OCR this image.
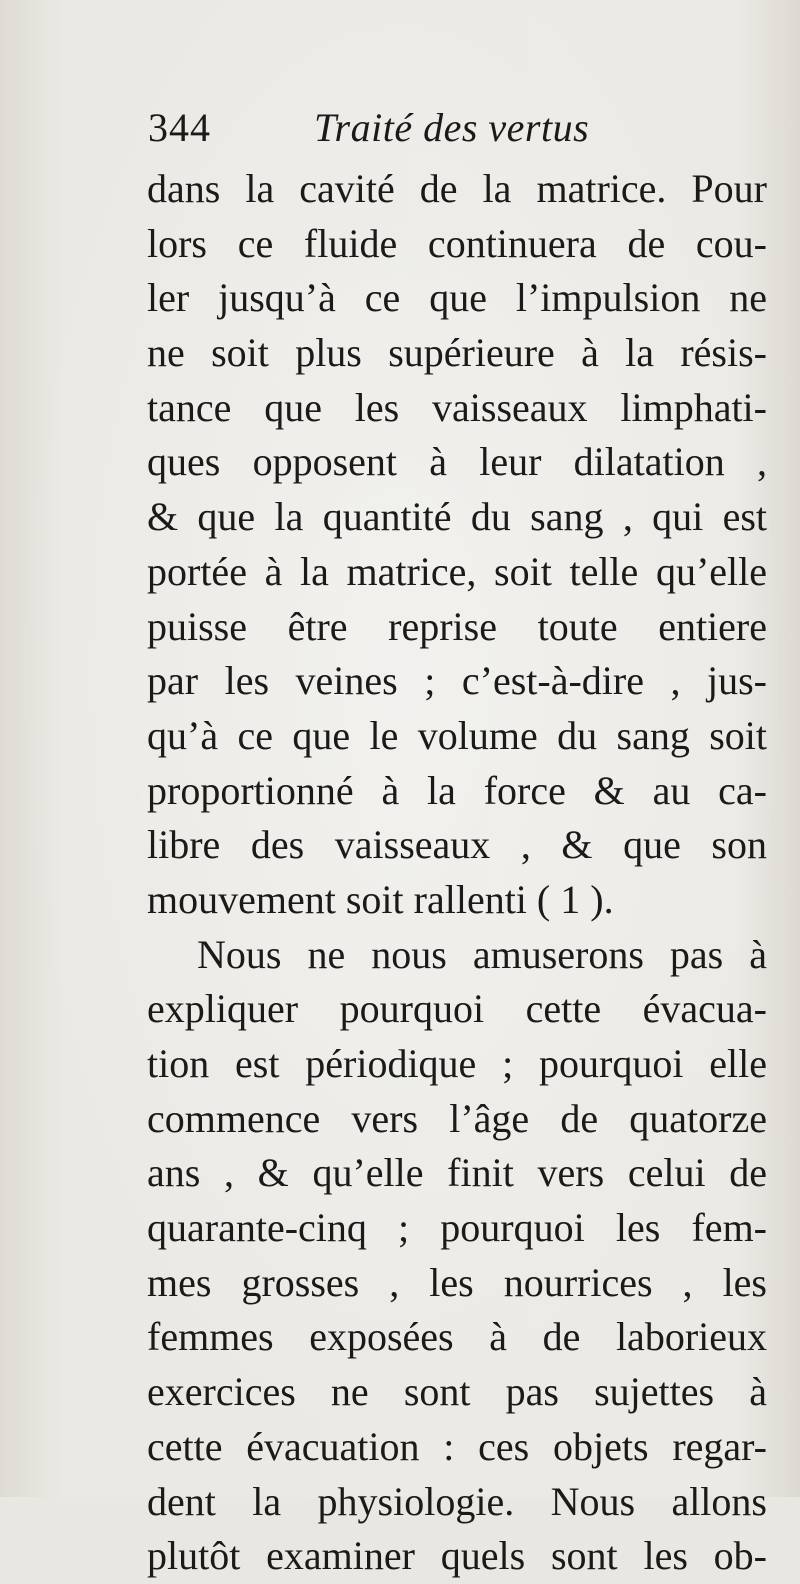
344	Traité des vertus
dans la cavité de la matrice. Pour
lors ce fluide continuera de cou-
ler jusqu’à ce que l’impulsion ne
ne soit plus supérieure à la résis-
tance que les vaisseaux limphati-
ques opposent à leur dilatation ,
& que la quantité du sang , qui est
portée à la matrice, soit telle qu’elle
puisse être reprise toute entiere
par les veines ; c’est-à-dire , jus-
qu’à ce que le volume du sang soit
proportionné à la force & au ca-
libre des vaisseaux , & que son
mouvement soit rallenti ( 1 ).
Nous ne nous amuserons pas à
expliquer pourquoi cette évacua-
tion est périodique ; pourquoi elle
commence vers l’âge de quatorze
ans , & qu’elle finit vers celui de
quarante-cinq ; pourquoi les fem-
mes grosses , les nourrices , les
femmes exposées à de laborieux
exercices ne sont pas sujettes à
cette évacuation : ces objets regar-
dent la physiologie. Nous allons
plutôt examiner quels sont les ob-
